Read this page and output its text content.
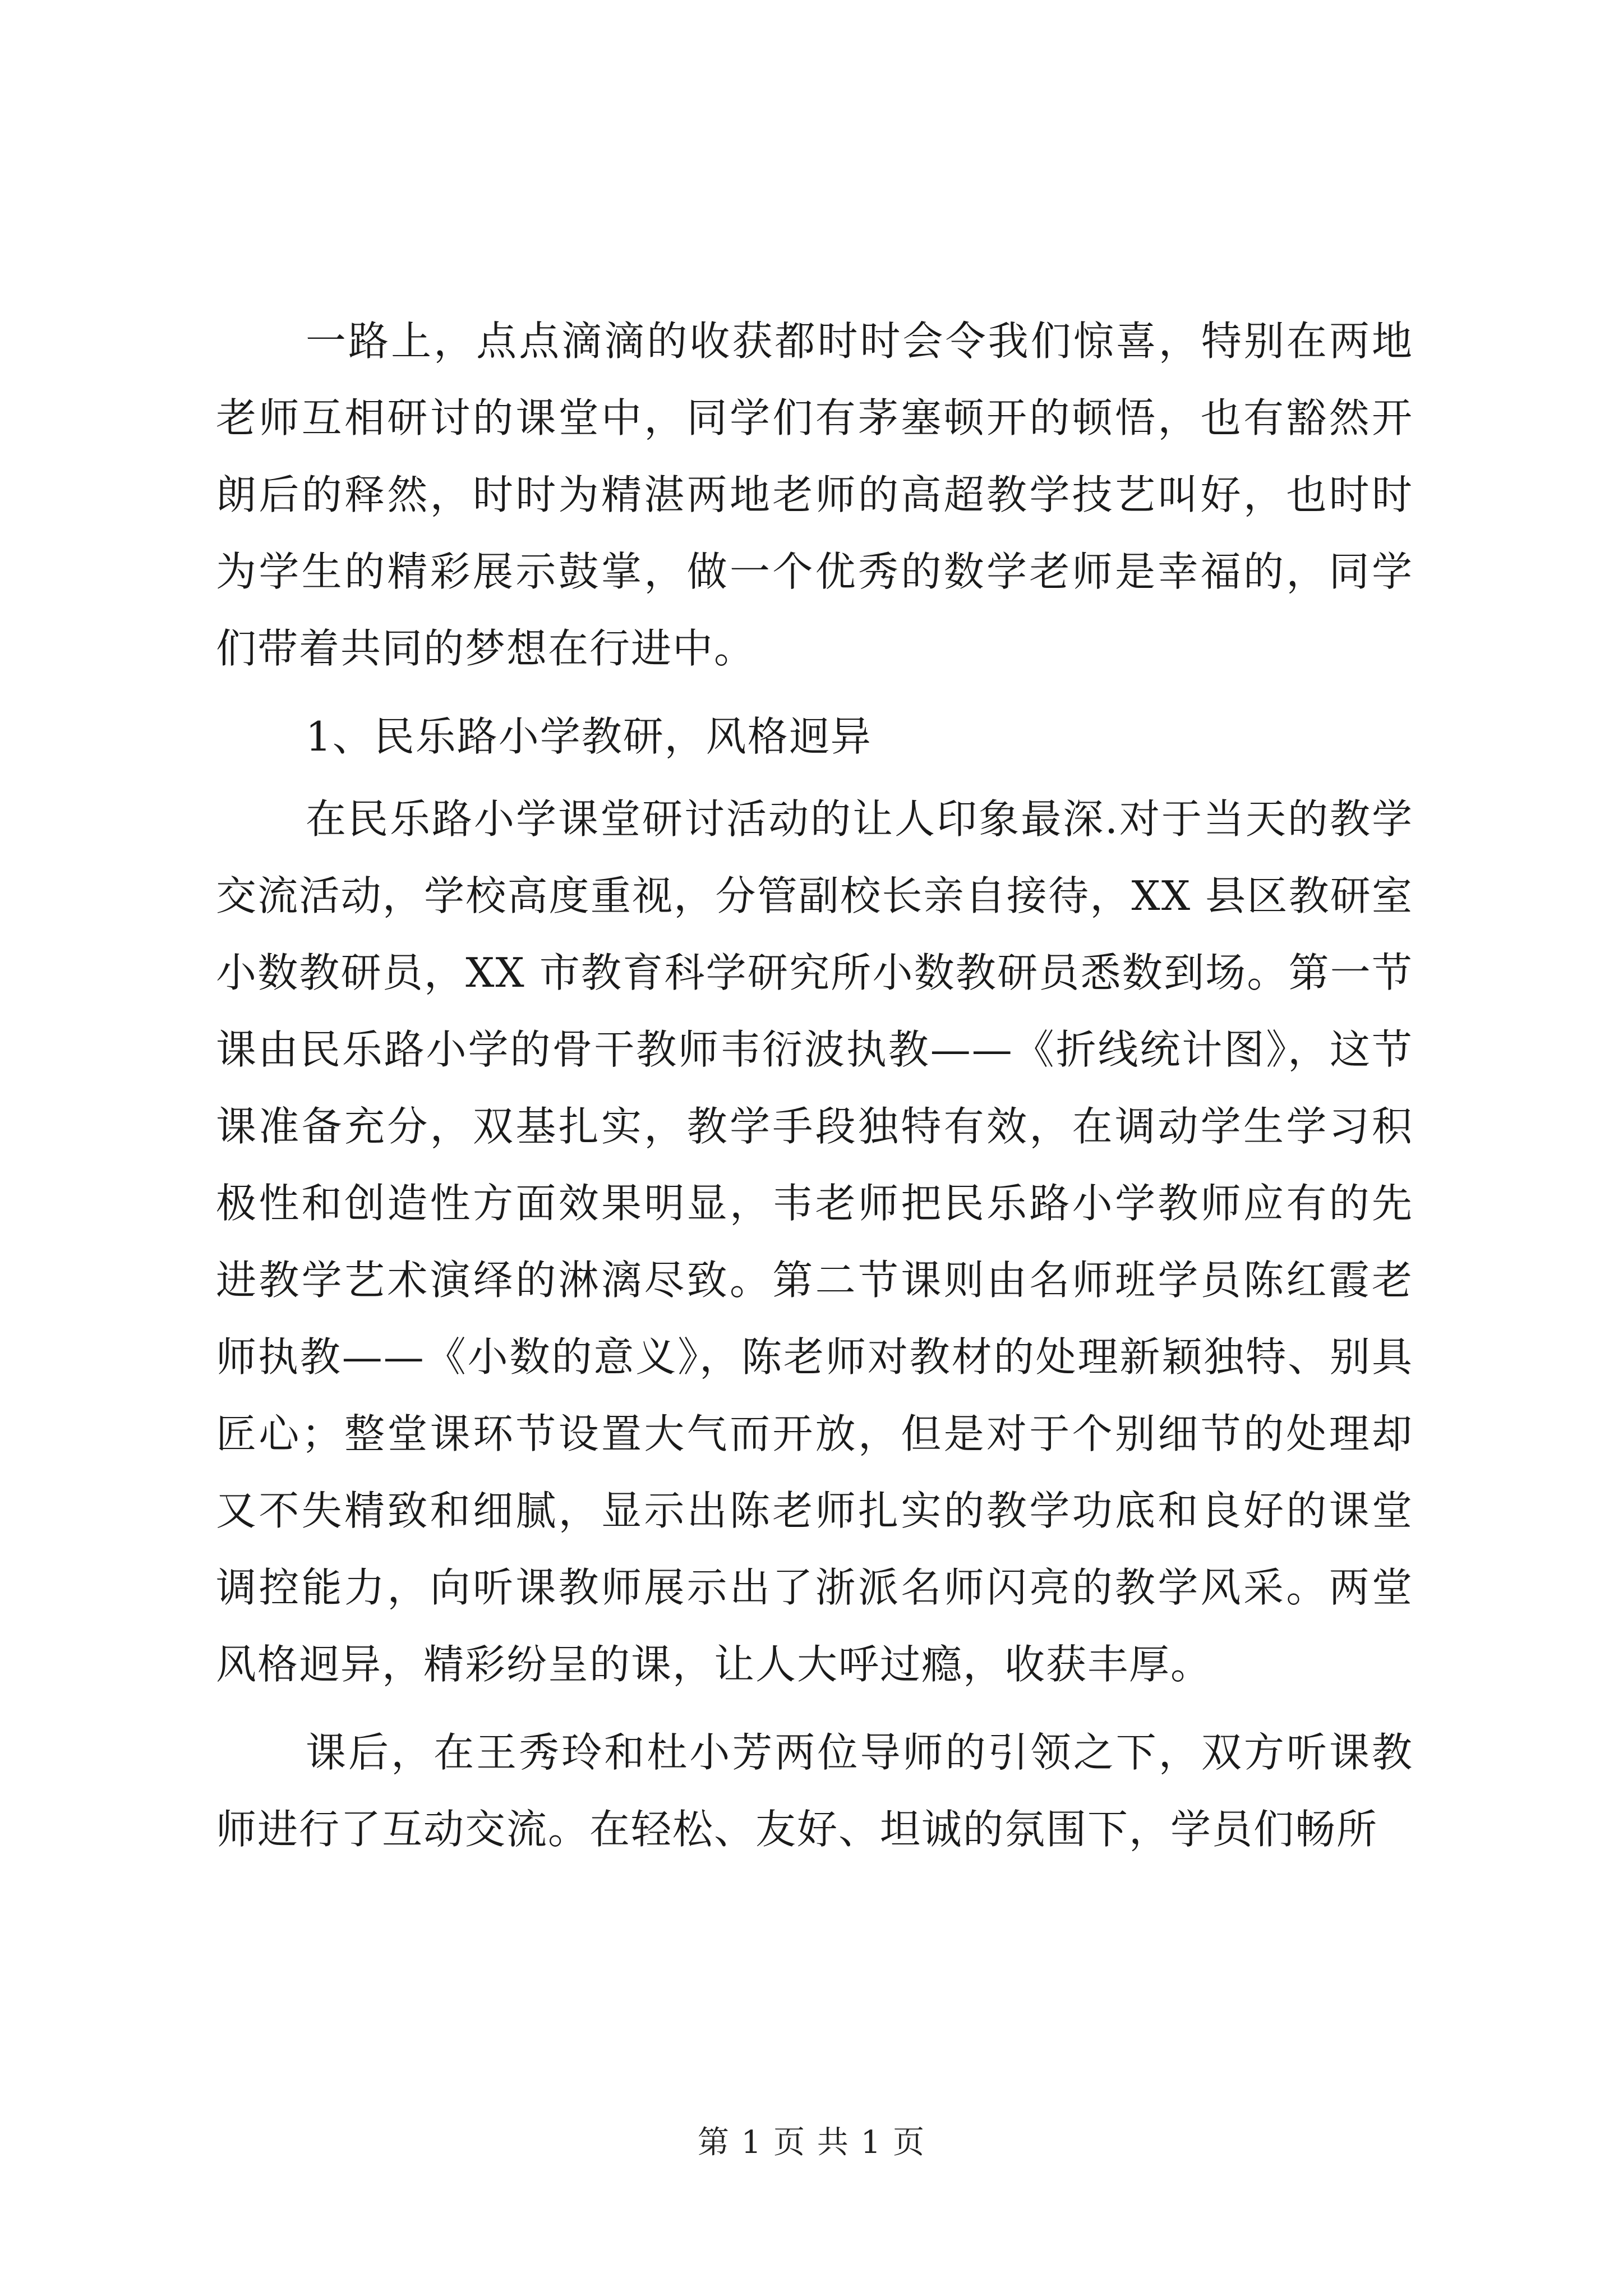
一路上，点点滴滴的收获都时时会令我们惊喜，特别在两地老师互相研讨的课堂中，同学们有茅塞顿开的顿悟，也有豁然开朗后的释然，时时为精湛两地老师的高超教学技艺叫好，也时时为学生的精彩展示鼓掌，做一个优秀的数学老师是幸福的，同学们带着共同的梦想在行进中。

1、民乐路小学教研，风格迥异

在民乐路小学课堂研讨活动的让人印象最深.对于当天的教学交流活动，学校高度重视，分管副校长亲自接待，XX 县区教研室小数教研员，XX 市教育科学研究所小数教研员悉数到场。第一节课由民乐路小学的骨干教师韦衍波执教——《折线统计图》，这节课准备充分，双基扎实，教学手段独特有效，在调动学生学习积极性和创造性方面效果明显，韦老师把民乐路小学教师应有的先进教学艺术演绎的淋漓尽致。第二节课则由名师班学员陈红霞老师执教——《小数的意义》，陈老师对教材的处理新颖独特、别具匠心；整堂课环节设置大气而开放，但是对于个别细节的处理却又不失精致和细腻，显示出陈老师扎实的教学功底和良好的课堂调控能力，向听课教师展示出了浙派名师闪亮的教学风采。两堂风格迥异，精彩纷呈的课，让人大呼过瘾，收获丰厚。

课后，在王秀玲和杜小芳两位导师的引领之下，双方听课教师进行了互动交流。在轻松、友好、坦诚的氛围下，学员们畅所

第 1 页 共 1 页
